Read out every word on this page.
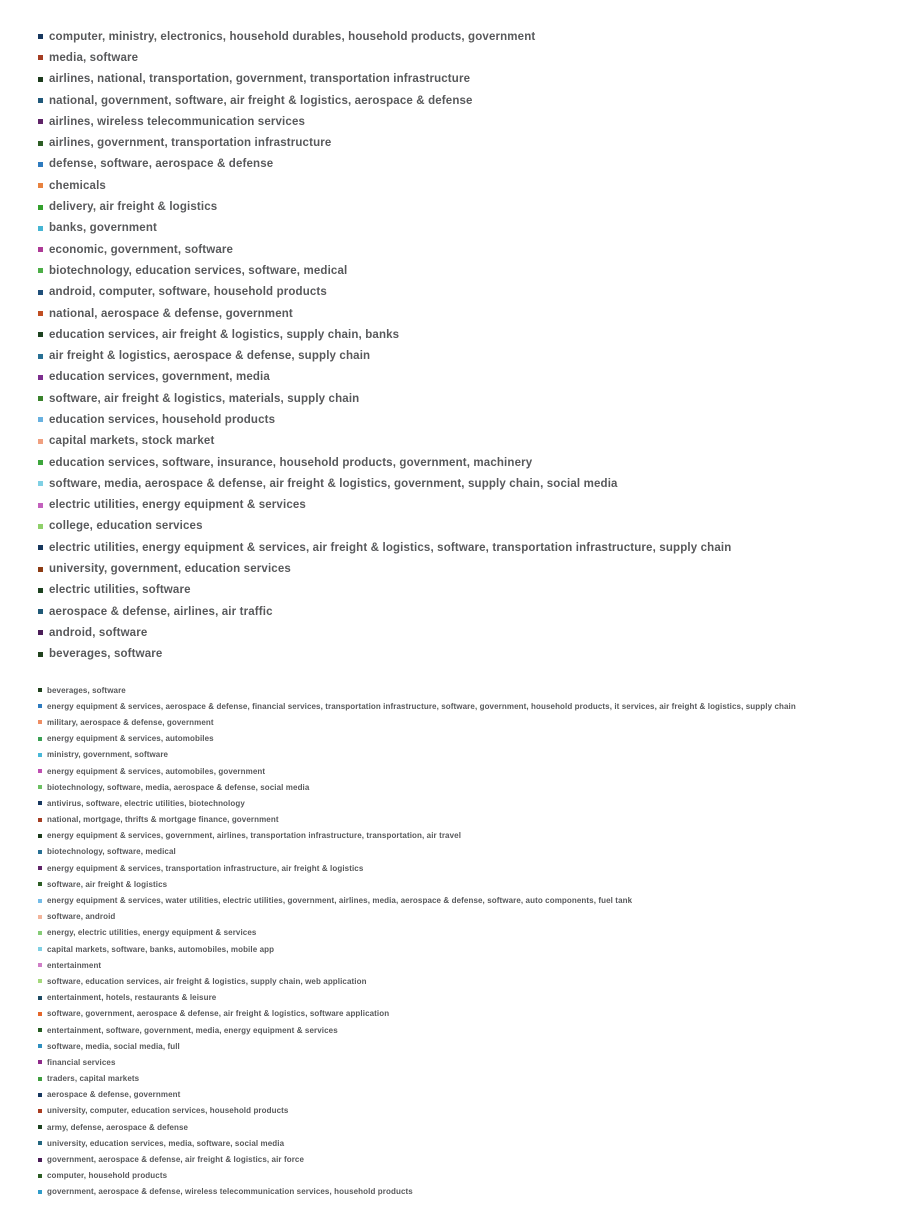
computer, ministry, electronics, household durables, household products, government
media, software
airlines, national, transportation, government, transportation infrastructure
national, government, software, air freight & logistics, aerospace & defense
airlines, wireless telecommunication services
airlines, government, transportation infrastructure
defense, software, aerospace & defense
chemicals
delivery, air freight & logistics
banks, government
economic, government, software
biotechnology, education services, software, medical
android, computer, software, household products
national, aerospace & defense, government
education services, air freight & logistics, supply chain, banks
air freight & logistics, aerospace & defense, supply chain
education services, government, media
software, air freight & logistics, materials, supply chain
education services, household products
capital markets, stock market
education services, software, insurance, household products, government, machinery
software, media, aerospace & defense, air freight & logistics, government, supply chain, social media
electric utilities, energy equipment & services
college, education services
electric utilities, energy equipment & services, air freight & logistics, software, transportation infrastructure, supply chain
university, government, education services
electric utilities, software
aerospace & defense, airlines, air traffic
android, software
beverages, software
beverages, software
energy equipment & services, aerospace & defense, financial services, transportation infrastructure, software, government, household products, it services, air freight & logistics, supply chain
military, aerospace & defense, government
energy equipment & services, automobiles
ministry, government, software
energy equipment & services, automobiles, government
biotechnology, software, media, aerospace & defense, social media
antivirus, software, electric utilities, biotechnology
national, mortgage, thrifts & mortgage finance, government
energy equipment & services, government, airlines, transportation infrastructure, transportation, air travel
biotechnology, software, medical
energy equipment & services, transportation infrastructure, air freight & logistics
software, air freight & logistics
energy equipment & services, water utilities, electric utilities, government, airlines, media, aerospace & defense, software, auto components, fuel tank
software, android
energy, electric utilities, energy equipment & services
capital markets, software, banks, automobiles, mobile app
entertainment
software, education services, air freight & logistics, supply chain, web application
entertainment, hotels, restaurants & leisure
software, government, aerospace & defense, air freight & logistics, software application
entertainment, software, government, media, energy equipment & services
software, media, social media, full
financial services
traders, capital markets
aerospace & defense, government
university, computer, education services, household products
army, defense, aerospace & defense
university, education services, media, software, social media
government, aerospace & defense, air freight & logistics, air force
computer, household products
government, aerospace & defense, wireless telecommunication services, household products
